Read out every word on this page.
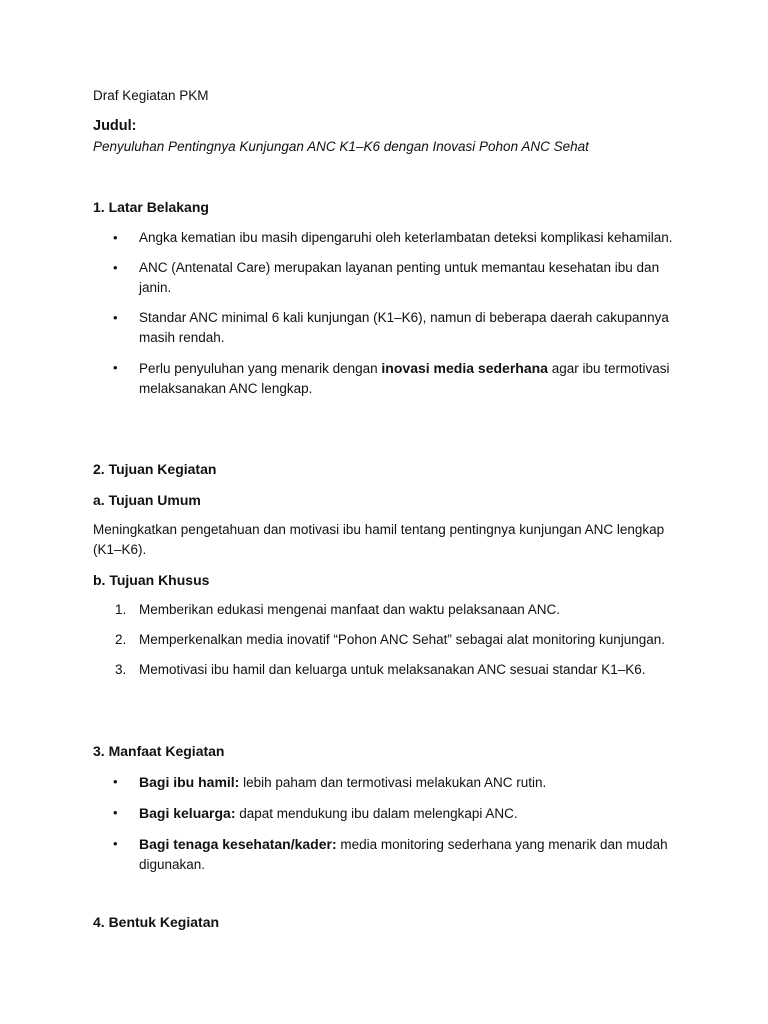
Draf Kegiatan PKM
Judul:
Penyuluhan Pentingnya Kunjungan ANC K1–K6 dengan Inovasi Pohon ANC Sehat
1. Latar Belakang
•
Angka kematian ibu masih dipengaruhi oleh keterlambatan deteksi komplikasi kehamilan.
•
ANC (Antenatal Care) merupakan layanan penting untuk memantau kesehatan ibu dan janin.
•
Standar ANC minimal 6 kali kunjungan (K1–K6), namun di beberapa daerah cakupannya masih rendah.
•
Perlu penyuluhan yang menarik dengan inovasi media sederhana agar ibu termotivasi melaksanakan ANC lengkap.
2. Tujuan Kegiatan
a. Tujuan Umum
Meningkatkan pengetahuan dan motivasi ibu hamil tentang pentingnya kunjungan ANC lengkap (K1–K6).
b. Tujuan Khusus
1. Memberikan edukasi mengenai manfaat dan waktu pelaksanaan ANC.
2. Memperkenalkan media inovatif “Pohon ANC Sehat” sebagai alat monitoring kunjungan.
3. Memotivasi ibu hamil dan keluarga untuk melaksanakan ANC sesuai standar K1–K6.
3. Manfaat Kegiatan
•
Bagi ibu hamil: lebih paham dan termotivasi melakukan ANC rutin.
•
Bagi keluarga: dapat mendukung ibu dalam melengkapi ANC.
•
Bagi tenaga kesehatan/kader: media monitoring sederhana yang menarik dan mudah digunakan.
4. Bentuk Kegiatan
